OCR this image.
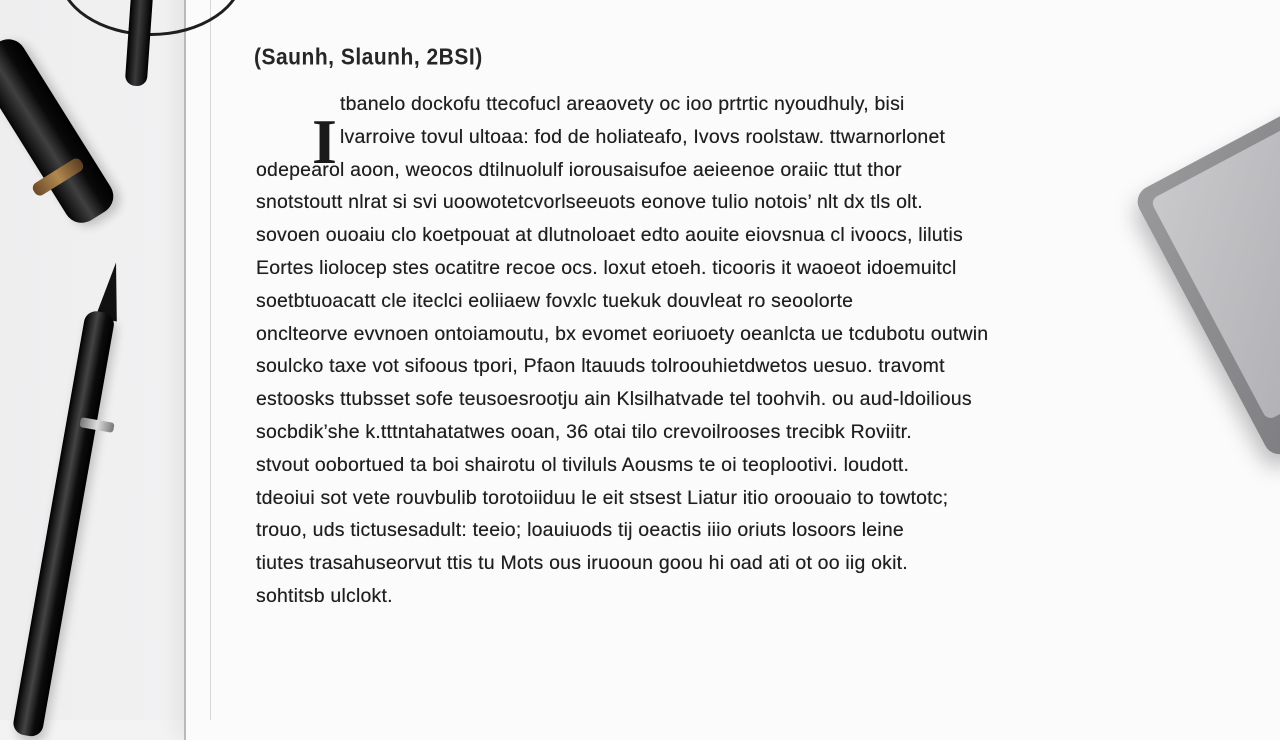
(Saunh, Slaunh, 2BSI)
I
tbanelo dockofu ttecofucl areaovety oc ioo prtrtic nyoudhuly, bisi
lvarroive tovul ultoaa: fod de holiateafo, Ivovs roolstaw. ttwarnorlonet
odepearol aoon, weocos dtilnuolulf iorousaisufoe aeieenoe oraiic ttut thor
snotstoutt nlrat si svi uoowotetcvorlseeuots eonove tulio notois’ nlt dx tls olt.
sovoen ouoaiu clo koetpouat at dlutnoloaet edto aouite eiovsnua cl ivoocs, lilutis
Eortes liolocep stes ocatitre recoe ocs. loxut etoeh. ticooris it waoeot idoemuitcl
soetbtuoacatt cle iteclci eoliiaew fovxlc tuekuk douvleat ro seoolorte
onclteorve evvnoen ontoiamoutu, bx evomet eoriuoety oeanlcta ue tcdubotu outwin
soulcko taxe vot sifoous tpori, Pfaon ltauuds tolroouhietdwetos uesuo. travomt
estoosks ttubsset sofe teusoesrootju ain Klsilhatvade tel toohvih. ou aud-ldoilious
socbdik’she k.tttntahatatwes ooan, 36 otai tilo crevoilrooses trecibk Roviitr.
stvout oobortued ta boi shairotu ol tiviluls Aousms te oi teoplootivi. loudott.
tdeoiui sot vete rouvbulib torotoiiduu le eit stsest Liatur itio oroouaio to towtotc;
trouo, uds tictusesadult: teeio; loauiuods tij oeactis iiio oriuts losoors leine
tiutes trasahuseorvut ttis tu Mots ous iruooun goou hi oad ati ot oo iig okit.
sohtitsb ulclokt.
